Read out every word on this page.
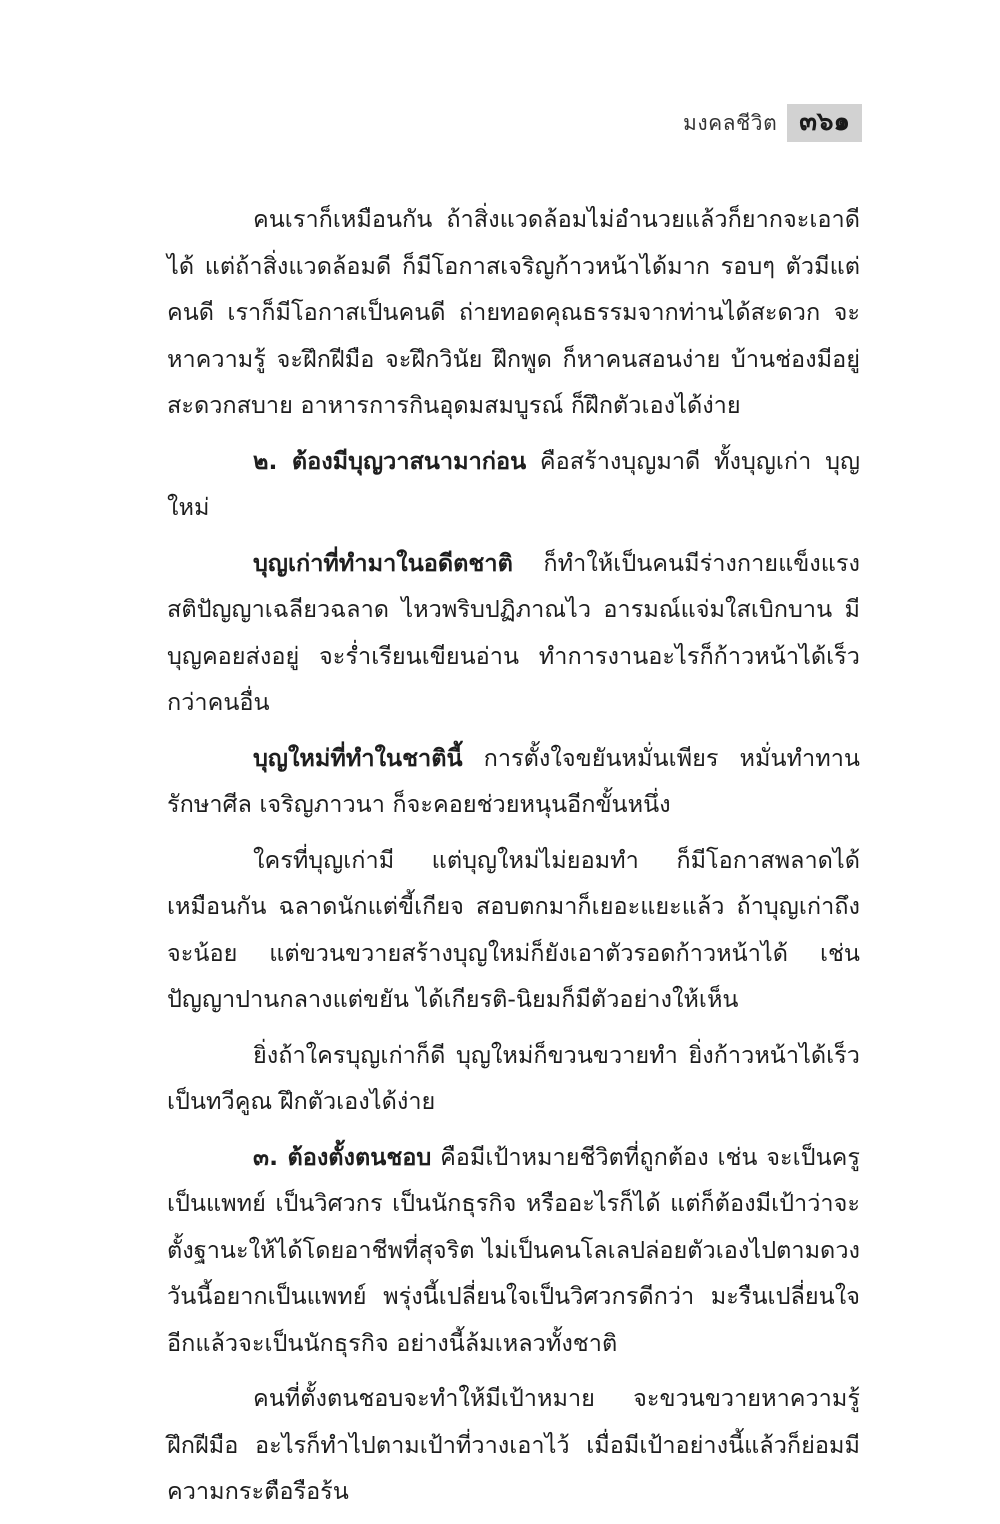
มงคลชีวิต ๓๖๑

คนเราก็เหมือนกัน ถ้าสิ่งแวดล้อมไม่อำนวยแล้วก็ยากจะเอาดีได้ แต่ถ้าสิ่งแวดล้อมดี ก็มีโอกาสเจริญก้าวหน้าได้มาก รอบๆ ตัวมีแต่คนดี เราก็มีโอกาสเป็นคนดี ถ่ายทอดคุณธรรมจากท่านได้สะดวก จะหาความรู้ จะฝึกฝีมือ จะฝึกวินัย ฝึกพูด ก็หาคนสอนง่าย บ้านช่องมีอยู่สะดวกสบาย อาหารการกินอุดมสมบูรณ์ ก็ฝึกตัวเองได้ง่าย

๒. ต้องมีบุญวาสนามาก่อน คือสร้างบุญมาดี ทั้งบุญเก่า บุญใหม่

บุญเก่าที่ทำมาในอดีตชาติ ก็ทำให้เป็นคนมีร่างกายแข็งแรง สติปัญญาเฉลียวฉลาด ไหวพริบปฏิภาณไว อารมณ์แจ่มใสเบิกบาน มีบุญคอยส่งอยู่ จะร่ำเรียนเขียนอ่าน ทำการงานอะไรก็ก้าวหน้าได้เร็วกว่าคนอื่น

บุญใหม่ที่ทำในชาตินี้ การตั้งใจขยันหมั่นเพียร หมั่นทำทาน รักษาศีล เจริญภาวนา ก็จะคอยช่วยหนุนอีกขั้นหนึ่ง

ใครที่บุญเก่ามี แต่บุญใหม่ไม่ยอมทำ ก็มีโอกาสพลาดได้เหมือนกัน ฉลาดนักแต่ขี้เกียจ สอบตกมาก็เยอะแยะแล้ว ถ้าบุญเก่าถึงจะน้อย แต่ขวนขวายสร้างบุญใหม่ก็ยังเอาตัวรอดก้าวหน้าได้ เช่น ปัญญาปานกลางแต่ขยัน ได้เกียรติ-นิยมก็มีตัวอย่างให้เห็น

ยิ่งถ้าใครบุญเก่าก็ดี บุญใหม่ก็ขวนขวายทำ ยิ่งก้าวหน้าได้เร็วเป็นทวีคูณ ฝึกตัวเองได้ง่าย

๓. ต้องตั้งตนชอบ คือมีเป้าหมายชีวิตที่ถูกต้อง เช่น จะเป็นครู เป็นแพทย์ เป็นวิศวกร เป็นนักธุรกิจ หรืออะไรก็ได้ แต่ก็ต้องมีเป้าว่าจะตั้งฐานะให้ได้โดยอาชีพที่สุจริต ไม่เป็นคนโลเลปล่อยตัวเองไปตามดวง วันนี้อยากเป็นแพทย์ พรุ่งนี้เปลี่ยนใจเป็นวิศวกรดีกว่า มะรืนเปลี่ยนใจอีกแล้วจะเป็นนักธุรกิจ อย่างนี้ล้มเหลวทั้งชาติ

คนที่ตั้งตนชอบจะทำให้มีเป้าหมาย จะขวนขวายหาความรู้ ฝึกฝีมือ อะไรก็ทำไปตามเป้าที่วางเอาไว้ เมื่อมีเป้าอย่างนี้แล้วก็ย่อมมีความกระตือรือร้น
